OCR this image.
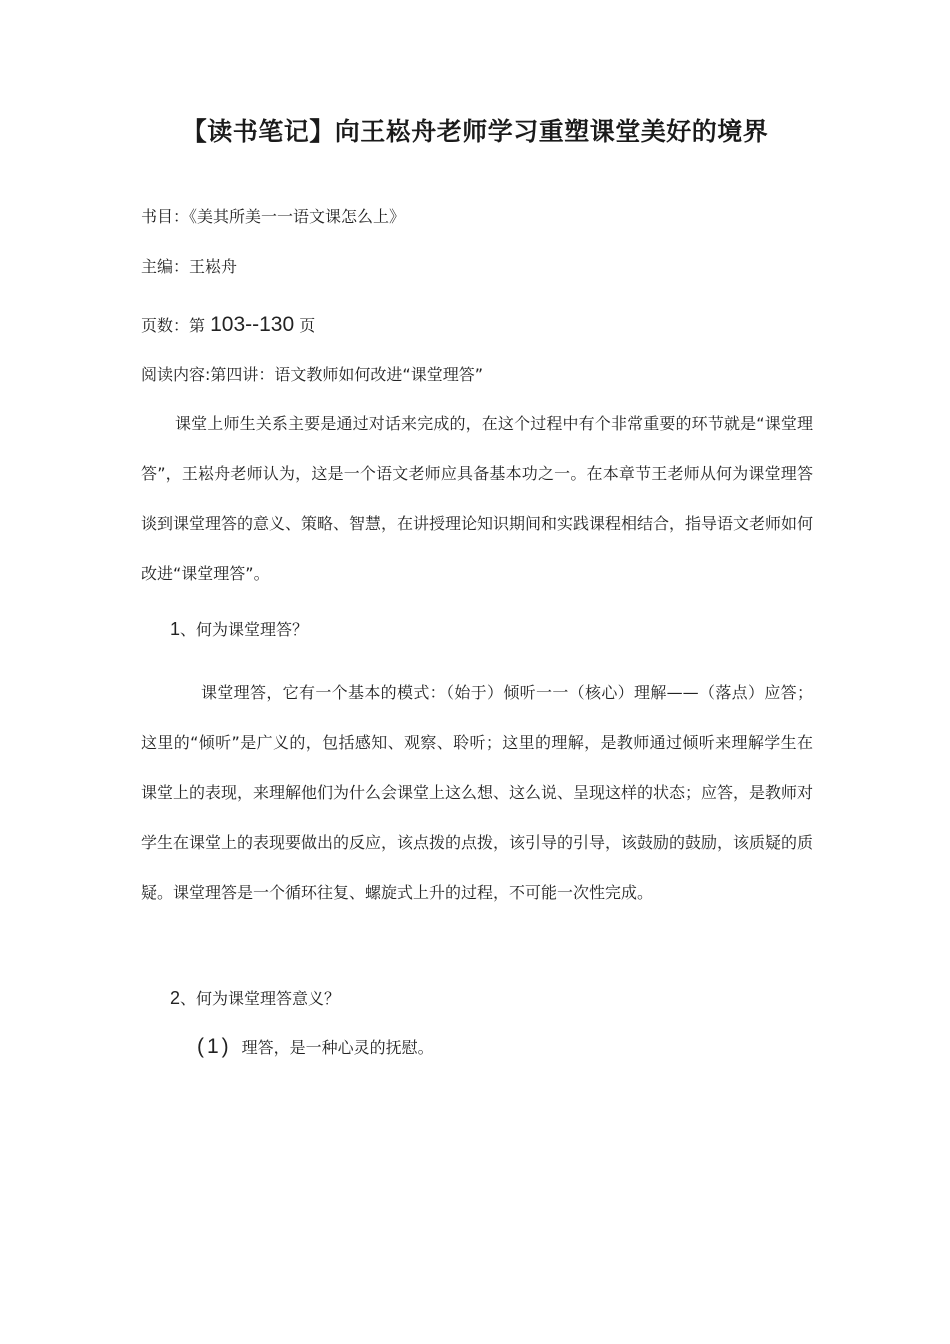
【读书笔记】向王崧舟老师学习重塑课堂美好的境界
书目：《美其所美一一语文课怎么上》
主编：王崧舟
页数：第 103--130 页
阅读内容:第四讲：语文教师如何改进“课堂理答”

课堂上师生关系主要是通过对话来完成的，在这个过程中有个非常重要的环节就是“课堂理答”，王崧舟老师认为，这是一个语文老师应具备基本功之一。在本章节王老师从何为课堂理答谈到课堂理答的意义、策略、智慧，在讲授理论知识期间和实践课程相结合，指导语文老师如何改进“课堂理答”。

1、何为课堂理答？

课堂理答，它有一个基本的模式：（始于）倾听一一（核心）理解——（落点）应答；这里的“倾听”是广义的，包括感知、观察、聆听；这里的理解，是教师通过倾听来理解学生在课堂上的表现，来理解他们为什么会课堂上这么想、这么说、呈现这样的状态；应答，是教师对学生在课堂上的表现要做出的反应，该点拨的点拨，该引导的引导，该鼓励的鼓励，该质疑的质疑。课堂理答是一个循环往复、螺旋式上升的过程，不可能一次性完成。

2、何为课堂理答意义？
(1) 理答，是一种心灵的抚慰。
